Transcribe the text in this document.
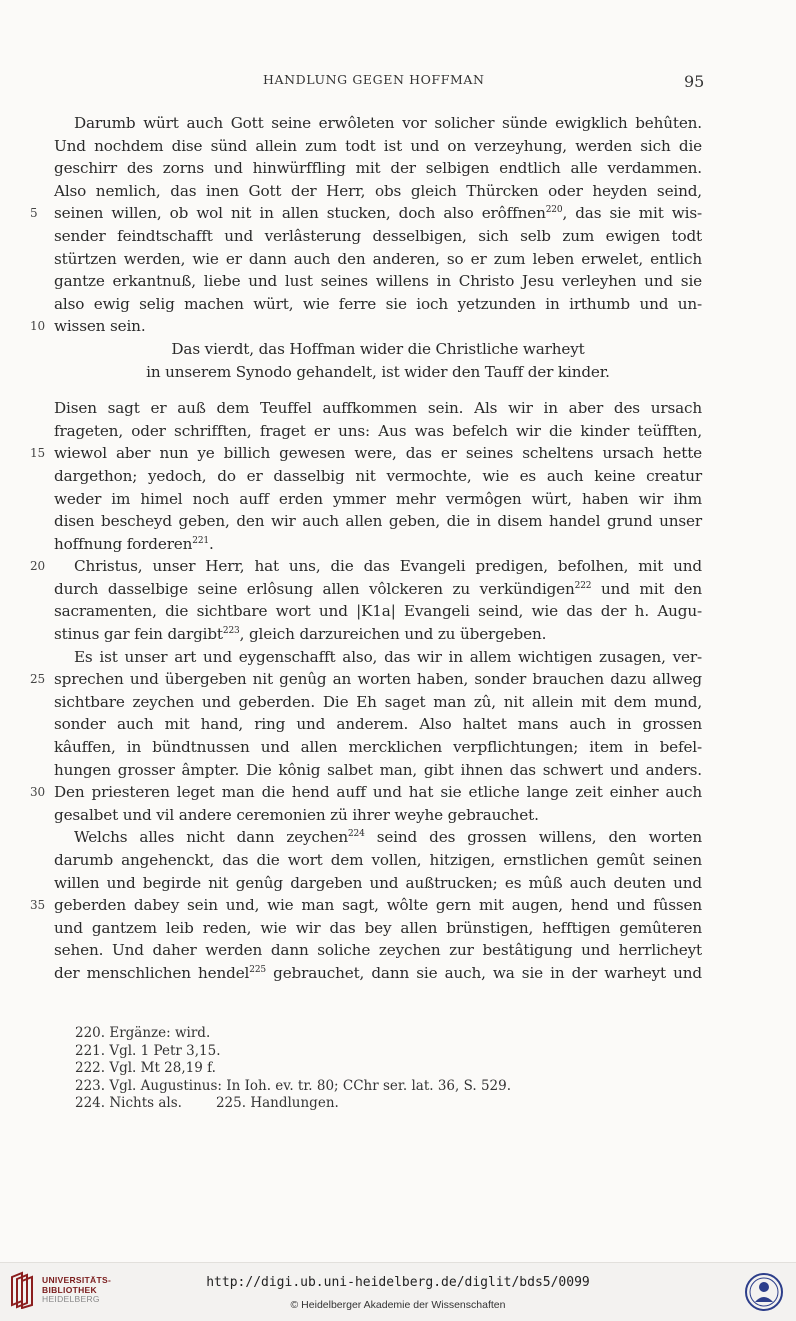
HANDLUNG GEGEN HOFFMAN	95
Darumb würt auch Gott seine erwôleten vor solicher sünde ewigklich behûten.
Und nochdem dise sünd allein zum todt ist und on verzeyhung, werden sich die
geschirr des zorns und hinwürffling mit der selbigen endtlich alle verdammen.
Also nemlich, das inen Gott der Herr, obs gleich Thürcken oder heyden seind,
5 seinen willen, ob wol nit in allen stucken, doch also erôffnen$^{220}$, das sie mit wis-
sender feindtschafft und verlâsterung desselbigen, sich selb zum ewigen todt
stürtzen werden, wie er dann auch den anderen, so er zum leben erwelet, entlich
gantze erkantnuß, liebe und lust seines willens in Christo Jesu verleyhen und sie
also ewig selig machen würt, wie ferre sie ioch yetzunden in irthumb und un-
10 wissen sein.
Das vierdt, das Hoffman wider die Christliche warheyt
in unserem Synodo gehandelt, ist wider den Tauff der kinder.
Disen sagt er auß dem Teuffel auffkommen sein. Als wir in aber des ursach
frageten, oder schrifften, fraget er uns: Aus was befelch wir die kinder teüfften,
15 wiewol aber nun ye billich gewesen were, das er seines scheltens ursach hette
dargethon; yedoch, do er dasselbig nit vermochte, wie es auch keine creatur
weder im himel noch auff erden ymmer mehr vermôgen würt, haben wir ihm
disen bescheyd geben, den wir auch allen geben, die in disem handel grund unser
hoffnung forderen$^{221}$.
20 Christus, unser Herr, hat uns, die das Evangeli predigen, befolhen, mit und
durch dasselbige seine erlôsung allen vôlckeren zu verkündigen$^{222}$ und mit den
sacramenten, die sichtbare wort und |K1a| Evangeli seind, wie das der h. Augu-
stinus gar fein dargibt$^{223}$, gleich darzureichen und zu übergeben.
Es ist unser art und eygenschafft also, das wir in allem wichtigen zusagen, ver-
25 sprechen und übergeben nit genûg an worten haben, sonder brauchen dazu allweg
sichtbare zeychen und geberden. Die Eh saget man zû, nit allein mit dem mund,
sonder auch mit hand, ring und anderem. Also haltet mans auch in grossen
kâuffen, in bündtnussen und allen mercklichen verpflichtungen; item in befel-
hungen grosser âmpter. Die kônig salbet man, gibt ihnen das schwert und anders.
30 Den priesteren leget man die hend auff und hat sie etliche lange zeit einher auch
gesalbet und vil andere ceremonien zü ihrer weyhe gebrauchet.
Welchs alles nicht dann zeychen$^{224}$ seind des grossen willens, den worten
darumb angehenckt, das die wort dem vollen, hitzigen, ernstlichen gemût seinen
willen und begirde nit genûg dargeben und außtrucken; es mûß auch deuten und
35 geberden dabey sein und, wie man sagt, wôlte gern mit augen, hend und fûssen
und gantzem leib reden, wie wir das bey allen brünstigen, hefftigen gemûteren
sehen. Und daher werden dann soliche zeychen zur bestâtigung und herrlicheyt
der menschlichen hendel$^{225}$ gebrauchet, dann sie auch, wa sie in der warheyt und
220. Ergänze: wird.
221. Vgl. 1 Petr 3,15.
222. Vgl. Mt 28,19 f.
223. Vgl. Augustinus: In Ioh. ev. tr. 80; CChr ser. lat. 36, S. 529.
224. Nichts als.	225. Handlungen.
UNIVERSITÄTS-
BIBLIOTHEK
HEIDELBERG
http://digi.ub.uni-heidelberg.de/diglit/bds5/0099
© Heidelberger Akademie der Wissenschaften
